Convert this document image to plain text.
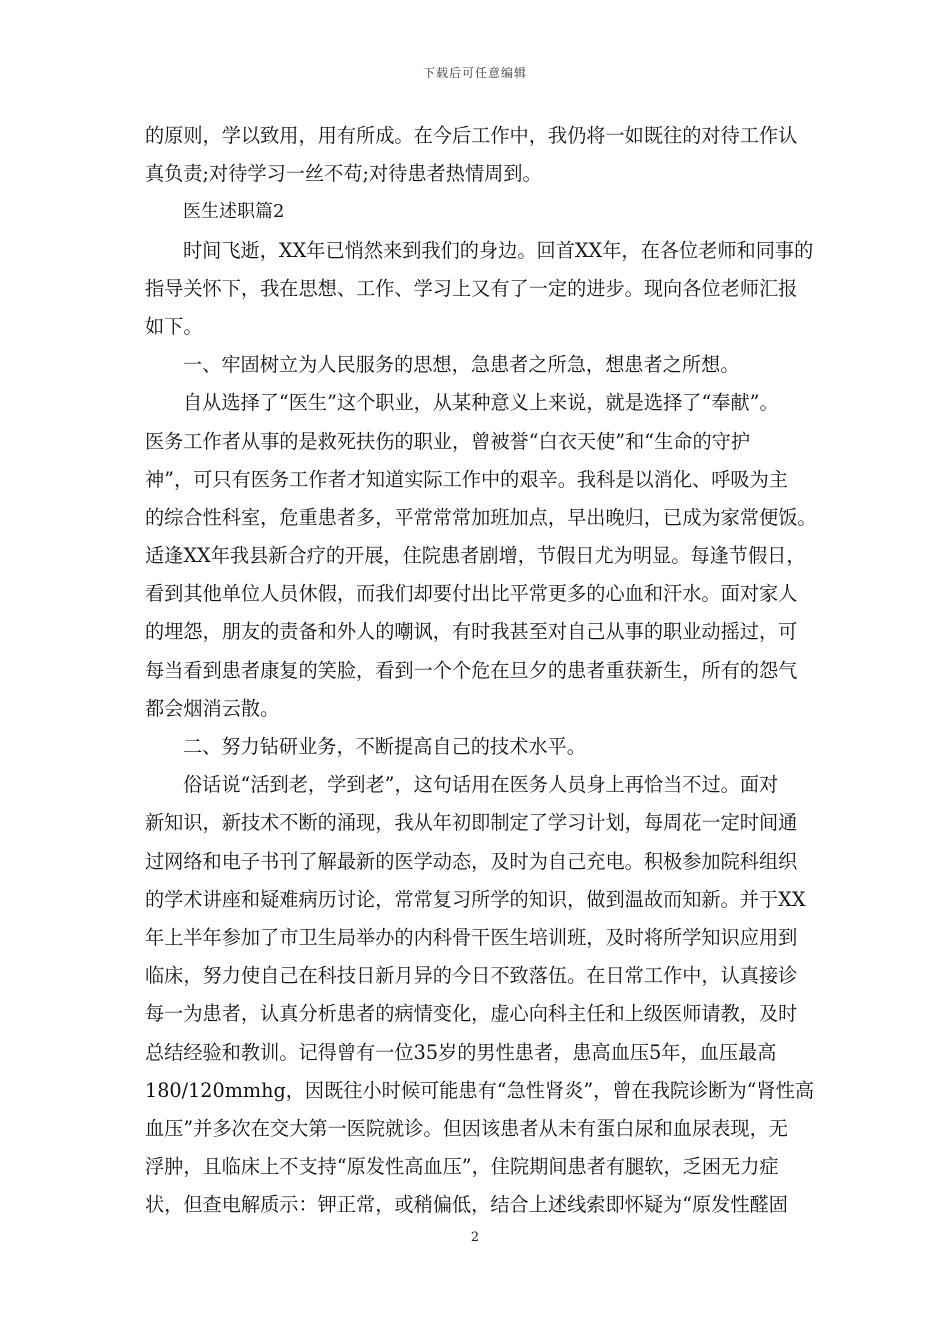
下载后可任意编辑
的原则，学以致用，用有所成。在今后工作中，我仍将一如既往的对待工作认
真负责;对待学习一丝不苟;对待患者热情周到。
医生述职篇2
时间飞逝，XX年已悄然来到我们的身边。回首XX年，在各位老师和同事的
指导关怀下，我在思想、工作、学习上又有了一定的进步。现向各位老师汇报
如下。
一、牢固树立为人民服务的思想，急患者之所急，想患者之所想。
自从选择了“医生”这个职业，从某种意义上来说，就是选择了“奉献”。
医务工作者从事的是救死扶伤的职业，曾被誉“白衣天使”和“生命的守护
神”，可只有医务工作者才知道实际工作中的艰辛。我科是以消化、呼吸为主
的综合性科室，危重患者多，平常常常加班加点，早出晚归，已成为家常便饭。
适逢XX年我县新合疗的开展，住院患者剧增，节假日尤为明显。每逢节假日，
看到其他单位人员休假，而我们却要付出比平常更多的心血和汗水。面对家人
的埋怨，朋友的责备和外人的嘲讽，有时我甚至对自己从事的职业动摇过，可
每当看到患者康复的笑脸，看到一个个危在旦夕的患者重获新生，所有的怨气
都会烟消云散。
二、努力钻研业务，不断提高自己的技术水平。
俗话说“活到老，学到老”，这句话用在医务人员身上再恰当不过。面对
新知识，新技术不断的涌现，我从年初即制定了学习计划，每周花一定时间通
过网络和电子书刊了解最新的医学动态，及时为自己充电。积极参加院科组织
的学术讲座和疑难病历讨论，常常复习所学的知识，做到温故而知新。并于XX
年上半年参加了市卫生局举办的内科骨干医生培训班，及时将所学知识应用到
临床，努力使自己在科技日新月异的今日不致落伍。在日常工作中，认真接诊
每一为患者，认真分析患者的病情变化，虚心向科主任和上级医师请教，及时
总结经验和教训。记得曾有一位35岁的男性患者，患高血压5年，血压最高
180/120mmhg，因既往小时候可能患有“急性肾炎”，曾在我院诊断为“肾性高
血压”并多次在交大第一医院就诊。但因该患者从未有蛋白尿和血尿表现，无
浮肿，且临床上不支持“原发性高血压”，住院期间患者有腿软，乏困无力症
状，但查电解质示：钾正常，或稍偏低，结合上述线索即怀疑为“原发性醛固
2
